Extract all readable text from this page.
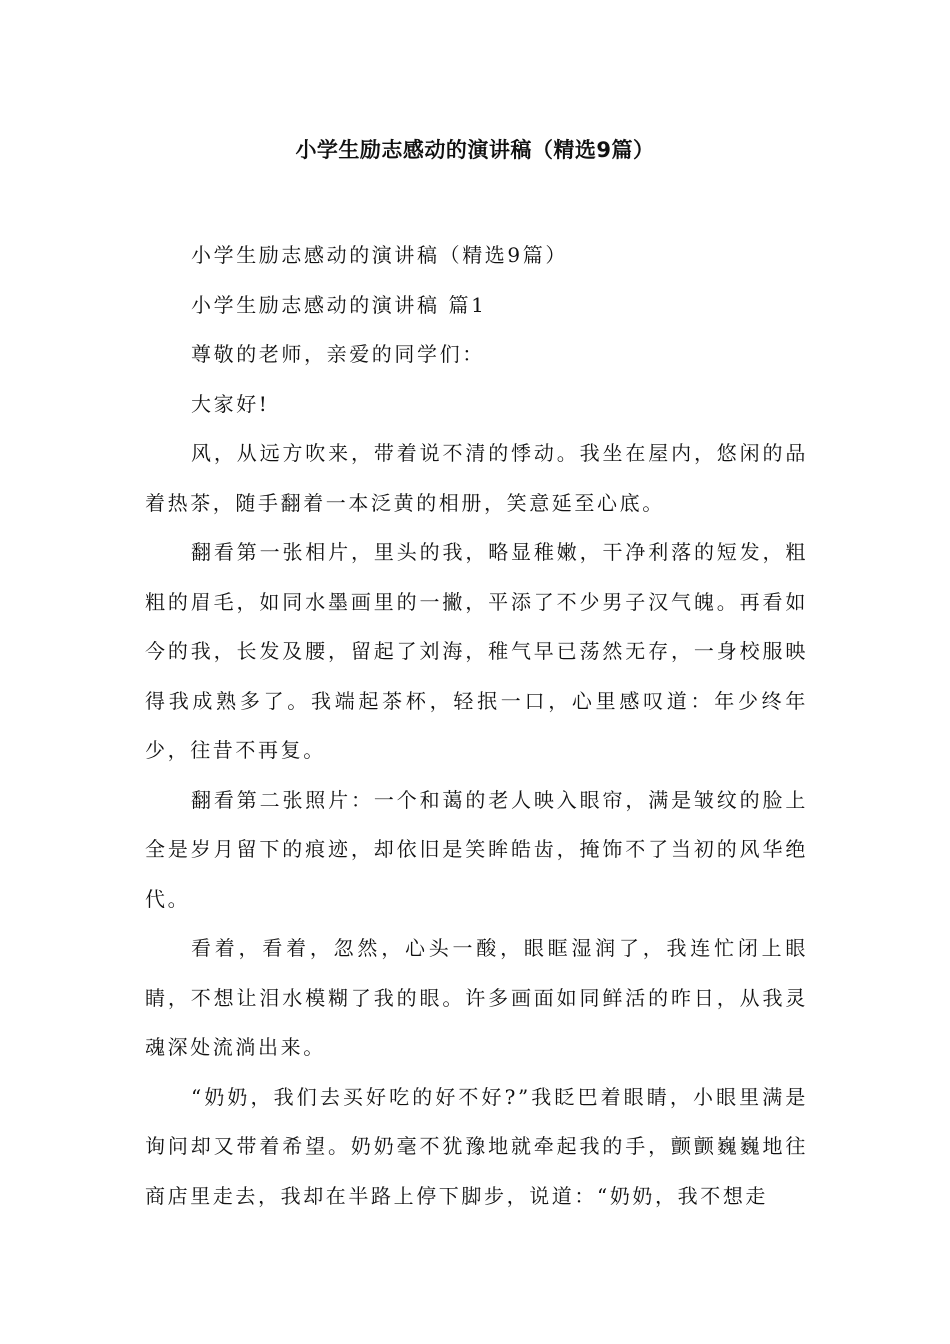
小学生励志感动的演讲稿（精选9篇）

小学生励志感动的演讲稿（精选9篇）

小学生励志感动的演讲稿 篇1

尊敬的老师，亲爱的同学们：

大家好!

风，从远方吹来，带着说不清的悸动。我坐在屋内，悠闲的品着热茶，随手翻着一本泛黄的相册，笑意延至心底。

翻看第一张相片，里头的我，略显稚嫩，干净利落的短发，粗粗的眉毛，如同水墨画里的一撇，平添了不少男子汉气魄。再看如今的我，长发及腰，留起了刘海，稚气早已荡然无存，一身校服映得我成熟多了。我端起茶杯，轻抿一口，心里感叹道：年少终年少，往昔不再复。

翻看第二张照片：一个和蔼的老人映入眼帘，满是皱纹的脸上全是岁月留下的痕迹，却依旧是笑眸皓齿，掩饰不了当初的风华绝代。

看着，看着，忽然，心头一酸，眼眶湿润了，我连忙闭上眼睛，不想让泪水模糊了我的眼。许多画面如同鲜活的昨日，从我灵魂深处流淌出来。

“奶奶，我们去买好吃的好不好?”我眨巴着眼睛，小眼里满是询问却又带着希望。奶奶毫不犹豫地就牵起我的手，颤颤巍巍地往商店里走去，我却在半路上停下脚步，说道：“奶奶，我不想走
